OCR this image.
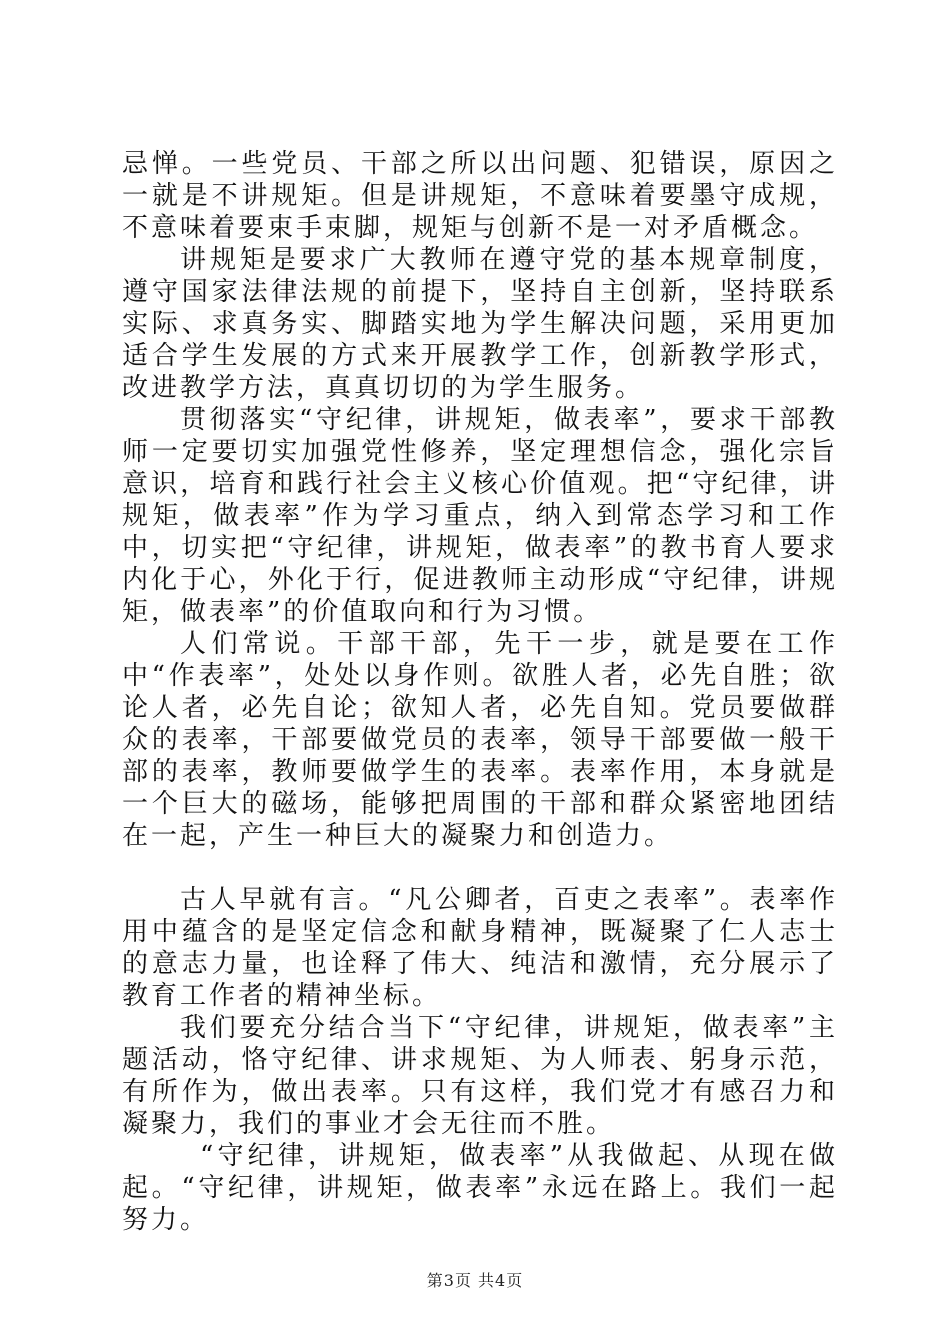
忌惮。一些党员、干部之所以出问题、犯错误，原因之一就是不讲规矩。但是讲规矩，不意味着要墨守成规，不意味着要束手束脚，规矩与创新不是一对矛盾概念。

讲规矩是要求广大教师在遵守党的基本规章制度，遵守国家法律法规的前提下，坚持自主创新，坚持联系实际、求真务实、脚踏实地为学生解决问题，采用更加适合学生发展的方式来开展教学工作，创新教学形式，改进教学方法，真真切切的为学生服务。

贯彻落实“守纪律，讲规矩，做表率”，要求干部教师一定要切实加强党性修养，坚定理想信念，强化宗旨意识，培育和践行社会主义核心价值观。把“守纪律，讲规矩，做表率”作为学习重点，纳入到常态学习和工作中，切实把“守纪律，讲规矩，做表率”的教书育人要求内化于心，外化于行，促进教师主动形成“守纪律，讲规矩，做表率”的价值取向和行为习惯。

人们常说。干部干部，先干一步，就是要在工作中“作表率”，处处以身作则。欲胜人者，必先自胜；欲论人者，必先自论；欲知人者，必先自知。党员要做群众的表率，干部要做党员的表率，领导干部要做一般干部的表率，教师要做学生的表率。表率作用，本身就是一个巨大的磁场，能够把周围的干部和群众紧密地团结在一起，产生一种巨大的凝聚力和创造力。

古人早就有言。“凡公卿者，百吏之表率”。表率作用中蕴含的是坚定信念和献身精神，既凝聚了仁人志士的意志力量，也诠释了伟大、纯洁和激情，充分展示了教育工作者的精神坐标。

我们要充分结合当下“守纪律，讲规矩，做表率”主题活动，恪守纪律、讲求规矩、为人师表、躬身示范，有所作为，做出表率。只有这样，我们党才有感召力和凝聚力，我们的事业才会无往而不胜。

“守纪律，讲规矩，做表率”从我做起、从现在做起。“守纪律，讲规矩，做表率”永远在路上。我们一起努力。

第3页 共4页
